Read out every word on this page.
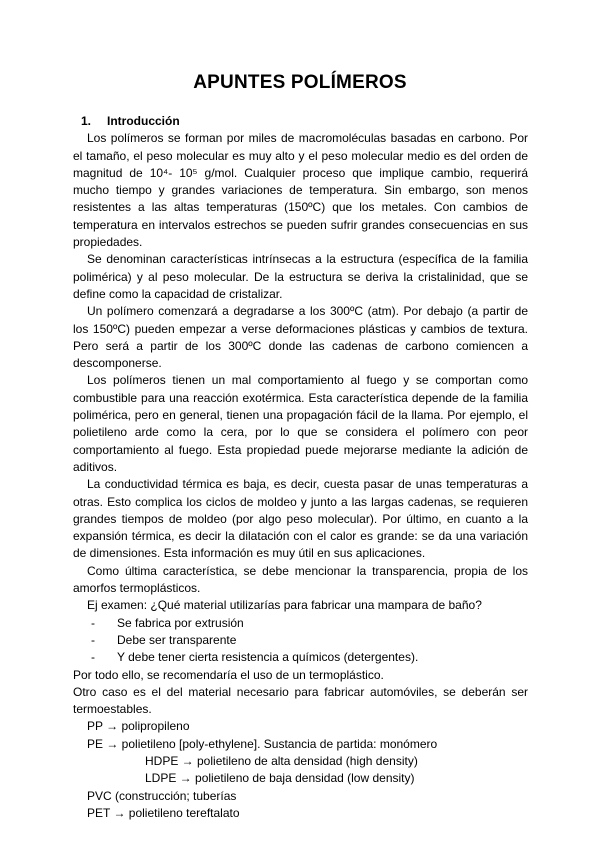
APUNTES POLÍMEROS
1. Introducción

Los polímeros se forman por miles de macromoléculas basadas en carbono. Por el tamaño, el peso molecular es muy alto y el peso molecular medio es del orden de magnitud de 10⁴- 10⁵ g/mol. Cualquier proceso que implique cambio, requerirá mucho tiempo y grandes variaciones de temperatura. Sin embargo, son menos resistentes a las altas temperaturas (150ºC) que los metales. Con cambios de temperatura en intervalos estrechos se pueden sufrir grandes consecuencias en sus propiedades.

Se denominan características intrínsecas a la estructura (específica de la familia polimérica) y al peso molecular. De la estructura se deriva la cristalinidad, que se define como la capacidad de cristalizar.

Un polímero comenzará a degradarse a los 300ºC (atm). Por debajo (a partir de los 150ºC) pueden empezar a verse deformaciones plásticas y cambios de textura. Pero será a partir de los 300ºC donde las cadenas de carbono comiencen a descomponerse.

Los polímeros tienen un mal comportamiento al fuego y se comportan como combustible para una reacción exotérmica. Esta característica depende de la familia polimérica, pero en general, tienen una propagación fácil de la llama. Por ejemplo, el polietileno arde como la cera, por lo que se considera el polímero con peor comportamiento al fuego. Esta propiedad puede mejorarse mediante la adición de aditivos.

La conductividad térmica es baja, es decir, cuesta pasar de unas temperaturas a otras. Esto complica los ciclos de moldeo y junto a las largas cadenas, se requieren grandes tiempos de moldeo (por algo peso molecular). Por último, en cuanto a la expansión térmica, es decir la dilatación con el calor es grande: se da una variación de dimensiones. Esta información es muy útil en sus aplicaciones.

Como última característica, se debe mencionar la transparencia, propia de los amorfos termoplásticos.

Ej examen: ¿Qué material utilizarías para fabricar una mampara de baño?

- Se fabrica por extrusión

- Debe ser transparente

- Y debe tener cierta resistencia a químicos (detergentes).

Por todo ello, se recomendaría el uso de un termoplástico.

Otro caso es el del material necesario para fabricar automóviles, se deberán ser termoestables.

PP → polipropileno

PE → polietileno [poly-ethylene]. Sustancia de partida: monómero

HDPE → polietileno de alta densidad (high density)

LDPE → polietileno de baja densidad (low density)

PVC (construcción; tuberías

PET → polietileno tereftalato
